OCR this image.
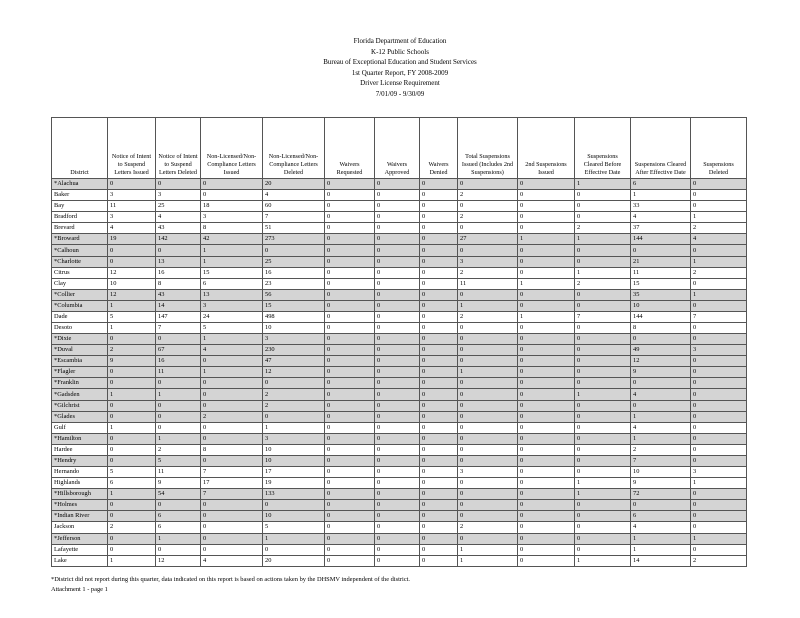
Florida Department of Education
K-12 Public Schools
Bureau of Exceptional Education and Student Services
1st Quarter Report, FY 2008-2009
Driver License Requirement
7/01/09 - 9/30/09
District	Notice of Intent to Suspend Letters Issued	Notice of Intent to Suspend Letters Deleted	Non-Licensed/Non-Compliance Letters Issued	Non-Licensed/Non-Compliance Letters Deleted	Waivers Requested	Waivers Approved	Waivers Denied	Total Suspensions Issued (Includes 2nd Suspensions)	2nd Suspensions Issued	Suspensions Cleared Before Effective Date	Suspensions Cleared After Effective Date	Suspensions Deleted
*Alachua	0	0	0	20	0	0	0	0	0	1	6	0
Baker	3	3	0	4	0	0	0	2	0	0	1	0
Bay	11	25	18	60	0	0	0	0	0	0	33	0
Bradford	3	4	3	7	0	0	0	2	0	0	4	1
Brevard	4	43	8	51	0	0	0	0	0	2	37	2
*Broward	19	142	42	273	0	0	0	27	1	1	144	4
*Calhoun	0	0	1	0	0	0	0	0	0	0	0	0
*Charlotte	0	13	1	25	0	0	0	3	0	0	21	1
Citrus	12	16	15	16	0	0	0	2	0	1	11	2
Clay	10	8	6	23	0	0	0	11	1	2	15	0
*Collier	12	43	13	56	0	0	0	0	0	0	35	1
*Columbia	1	14	3	15	0	0	0	1	0	0	10	0
Dade	5	147	24	498	0	0	0	2	1	7	144	7
Desoto	1	7	5	10	0	0	0	0	0	0	8	0
*Dixie	0	0	1	3	0	0	0	0	0	0	0	0
*Duval	2	67	4	230	0	0	0	0	0	0	49	3
*Escambia	9	16	0	47	0	0	0	0	0	0	12	0
*Flagler	0	11	1	12	0	0	0	1	0	0	9	0
*Franklin	0	0	0	0	0	0	0	0	0	0	0	0
*Gadsden	1	1	0	2	0	0	0	0	0	1	4	0
*Gilchrist	0	0	0	2	0	0	0	0	0	0	0	0
*Glades	0	0	2	0	0	0	0	0	0	0	1	0
Gulf	1	0	0	1	0	0	0	0	0	0	4	0
*Hamilton	0	1	0	3	0	0	0	0	0	0	1	0
Hardee	0	2	8	10	0	0	0	0	0	0	2	0
*Hendry	0	5	0	10	0	0	0	0	0	0	7	0
Hernando	5	11	7	17	0	0	0	3	0	0	10	3
Highlands	6	9	17	19	0	0	0	0	0	1	9	1
*Hillsborough	1	54	7	133	0	0	0	0	0	1	72	0
*Holmes	0	0	0	0	0	0	0	0	0	0	0	0
*Indian River	0	6	0	10	0	0	0	0	0	0	6	0
Jackson	2	6	0	5	0	0	0	2	0	0	4	0
*Jefferson	0	1	0	1	0	0	0	0	0	0	1	1
Lafayette	0	0	0	0	0	0	0	1	0	0	1	0
Lake	1	12	4	20	0	0	0	1	0	1	14	2
*District did not report during this quarter, data indicated on this report is based on actions taken by the DHSMV independent of the district.
Attachment 1 - page 1
